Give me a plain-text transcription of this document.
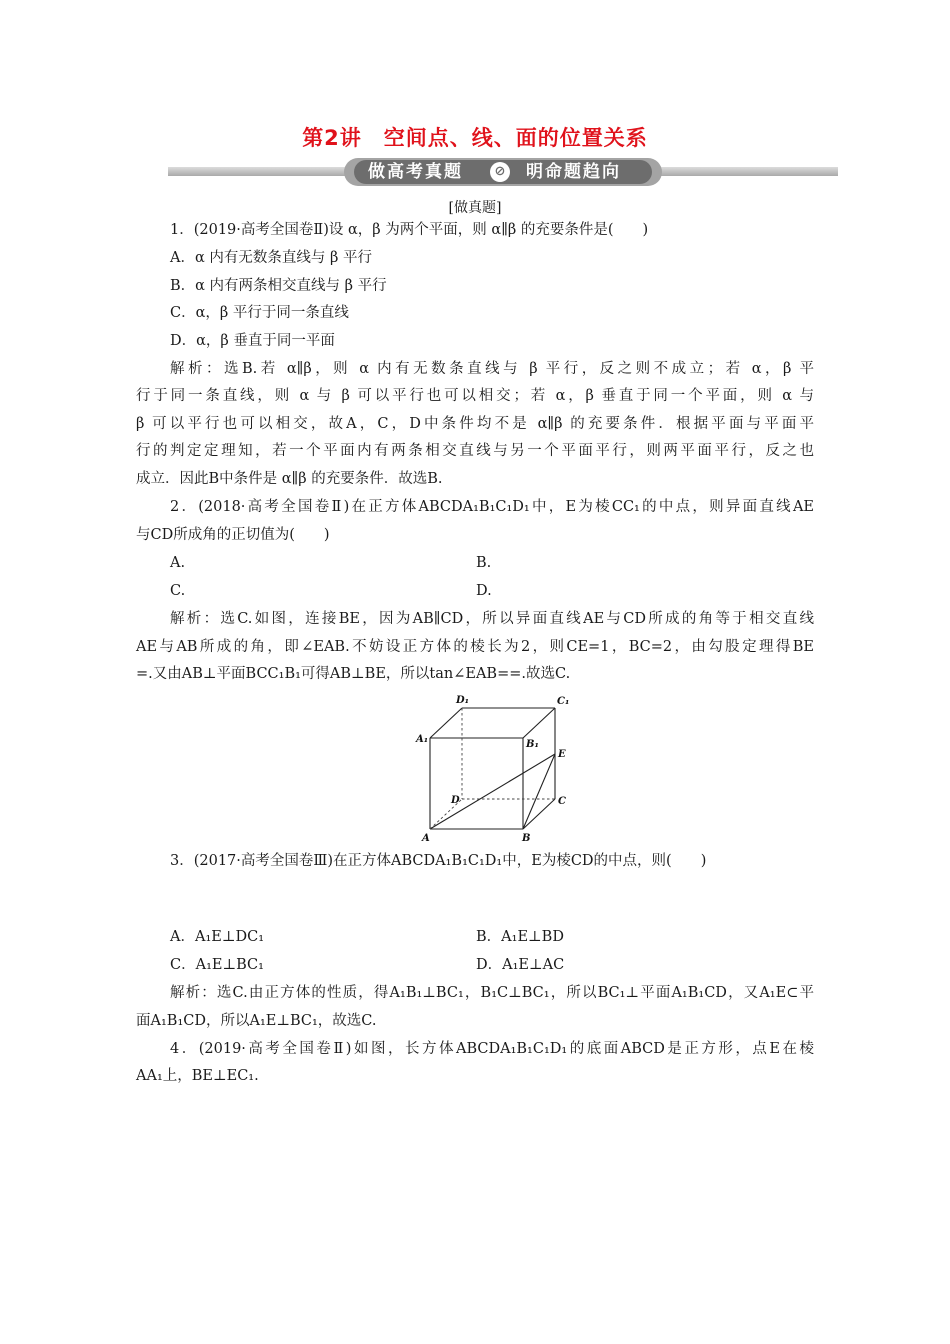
第2讲　空间点、线、面的位置关系
做高考真题	⊘ 明命题趋向
[做真题]
1．(2019·高考全国卷Ⅱ)设 α，β 为两个平面，则 α∥β 的充要条件是(　　)
A．α 内有无数条直线与 β 平行
B．α 内有两条相交直线与 β 平行
C．α，β 平行于同一条直线
D．α，β 垂直于同一平面
解析：选B.若 α∥β，则 α 内有无数条直线与 β 平行，反之则不成立；若 α，β 平
行于同一条直线，则 α 与 β 可以平行也可以相交；若 α，β 垂直于同一个平面，则 α 与
β 可以平行也可以相交，故A，C，D中条件均不是 α∥β 的充要条件．根据平面与平面平
行的判定定理知，若一个平面内有两条相交直线与另一个平面平行，则两平面平行，反之也
成立．因此B中条件是 α∥β 的充要条件．故选B.
2．(2018·高考全国卷Ⅱ)在正方体ABCDA₁B₁C₁D₁中，E为棱CC₁的中点，则异面直线AE
与CD所成角的正切值为(　　)
A.	B.
C.	D.
解析：选C.如图，连接BE，因为AB∥CD，所以异面直线AE与CD所成的角等于相交直线
AE与AB所成的角，即∠EAB.不妨设正方体的棱长为2，则CE=1，BC=2，由勾股定理得BE
=.又由AB⊥平面BCC₁B₁可得AB⊥BE，所以tan∠EAB==.故选C.
D₁	C₁
A₁	B₁
E
D	C
A	B
3．(2017·高考全国卷Ⅲ)在正方体ABCDA₁B₁C₁D₁中，E为棱CD的中点，则(　　)
A．A₁E⊥DC₁	B．A₁E⊥BD
C．A₁E⊥BC₁	D．A₁E⊥AC
解析：选C.由正方体的性质，得A₁B₁⊥BC₁，B₁C⊥BC₁，所以BC₁⊥平面A₁B₁CD，又A₁E⊂平
面A₁B₁CD，所以A₁E⊥BC₁，故选C.
4．(2019·高考全国卷Ⅱ)如图，长方体ABCDA₁B₁C₁D₁的底面ABCD是正方形，点E在棱
AA₁上，BE⊥EC₁.
